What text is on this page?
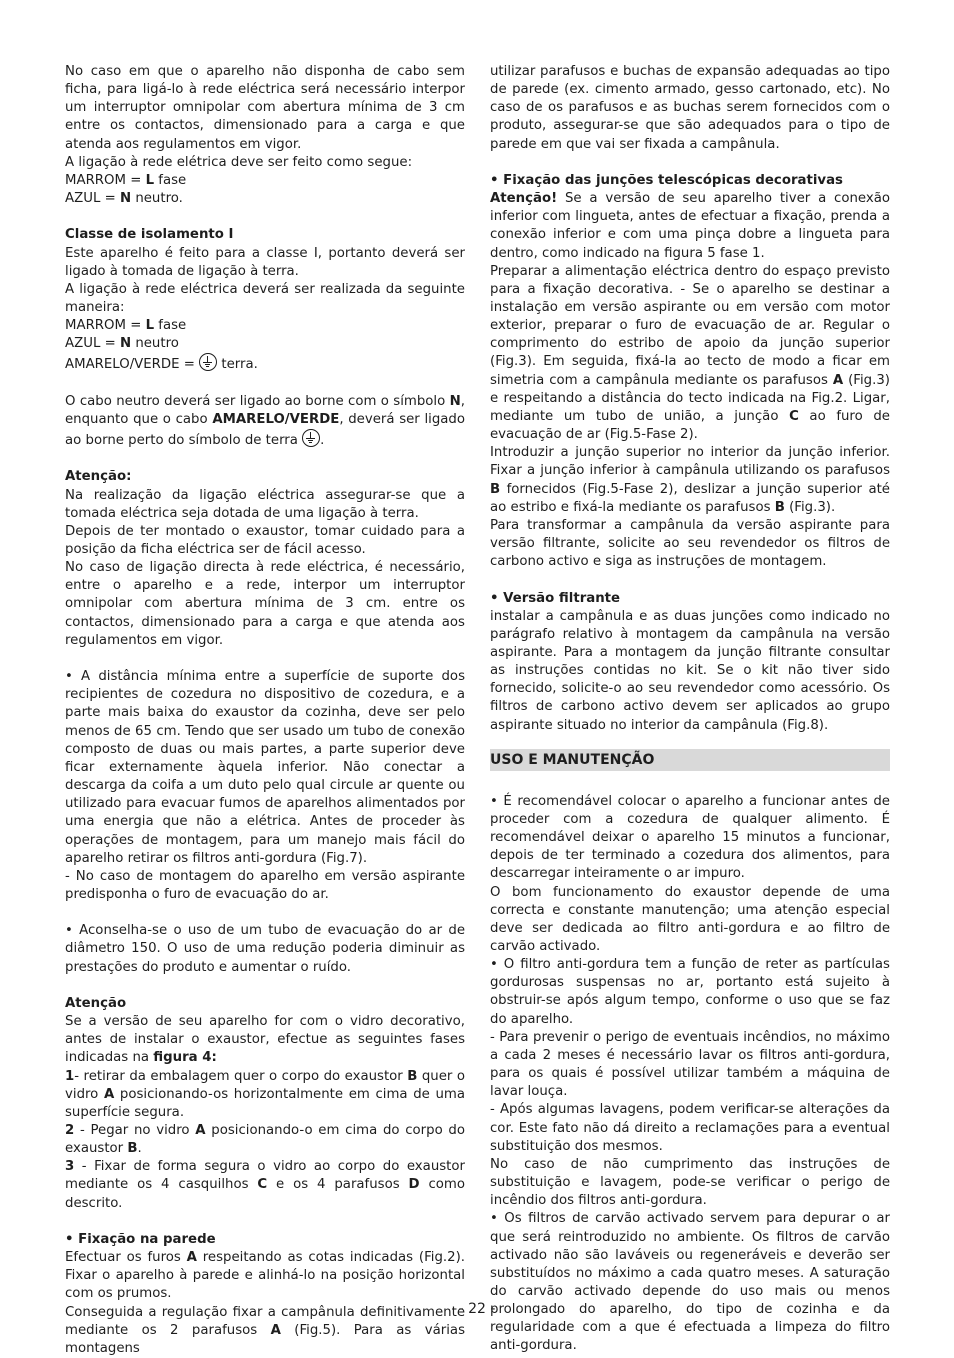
No caso em que o aparelho não disponha de cabo sem ficha, para ligá-lo à rede eléctrica será necessário interpor um interruptor omnipolar com abertura mínima de 3 cm entre os contactos, dimensionado para a carga e que atenda aos regulamentos em vigor.

A ligação à rede elétrica deve ser feito como segue:

MARROM = L fase

AZUL = N neutro.

Classe de isolamento I

Este aparelho é feito para a classe I, portanto deverá ser ligado à tomada de ligação à terra.

A ligação à rede eléctrica deverá ser realizada da seguinte maneira:

MARROM = L fase

AZUL = N neutro

AMARELO/VERDE =
terra.

O cabo neutro deverá ser ligado ao borne com o símbolo N, enquanto que o cabo AMARELO/VERDE, deverá ser ligado ao borne perto do símbolo de terra
.

Atenção:

Na realização da ligação eléctrica assegurar-se que a tomada eléctrica seja dotada de uma ligação à terra.

Depois de ter montado o exaustor, tomar cuidado para a posição da ficha eléctrica ser de fácil acesso.

No caso de ligação directa à rede eléctrica, é necessário, entre o aparelho e a rede, interpor um interruptor omnipolar com abertura mínima de 3 cm. entre os contactos, dimensionado para a carga e que atenda aos regulamentos em vigor.

• A distância mínima entre a superfície de suporte dos recipientes de cozedura no dispositivo de cozedura, e a parte mais baixa do exaustor da cozinha, deve ser pelo menos de 65 cm. Tendo que ser usado um tubo de conexão composto de duas ou mais partes, a parte superior deve ficar externamente àquela inferior. Não conectar a descarga da coifa a um duto pelo qual circule ar quente ou utilizado para evacuar fumos de aparelhos alimentados por uma energia que não a elétrica. Antes de proceder às operações de montagem, para um manejo mais fácil do aparelho retirar os filtros anti-gordura (Fig.7).

- No caso de montagem do aparelho em versão aspirante predisponha o furo de evacuação do ar.

• Aconselha-se o uso de um tubo de evacuação do ar de diâmetro 150. O uso de uma redução poderia diminuir as prestações do produto e aumentar o ruído.

Atenção

Se a versão de seu aparelho for com o vidro decorativo, antes de instalar o exaustor, efectue as seguintes fases indicadas na figura 4:

1- retirar da embalagem quer o corpo do exaustor B quer o vidro A posicionando-os horizontalmente em cima de uma superfície segura.

2 - Pegar no vidro A posicionando-o em cima do corpo do exaustor B.

3 - Fixar de forma segura o vidro ao corpo do exaustor mediante os 4 casquilhos C e os 4 parafusos D como descrito.

• Fixação na parede

Efectuar os furos A respeitando as cotas indicadas (Fig.2). Fixar o aparelho à parede e alinhá-lo na posição horizontal com os prumos.

Conseguida a regulação fixar a campânula definitivamente mediante os 2 parafusos A (Fig.5). Para as várias montagens

utilizar parafusos e buchas de expansão adequadas ao tipo de parede (ex. cimento armado, gesso cartonado, etc). No caso de os parafusos e as buchas serem fornecidos com o produto, assegurar-se que são adequados para o tipo de parede em que vai ser fixada a campânula.

• Fixação das junções telescópicas decorativas

Atenção! Se a versão de seu aparelho tiver a conexão inferior com lingueta, antes de efectuar a fixação, prenda a conexão inferior e com uma pinça dobre a lingueta para dentro, como indicado na figura 5 fase 1.

Preparar a alimentação eléctrica dentro do espaço previsto para a fixação decorativa. - Se o aparelho se destinar a instalação em versão aspirante ou em versão com motor exterior, preparar o furo de evacuação de ar. Regular o comprimento do estribo de apoio da junção superior (Fig.3). Em seguida, fixá-la ao tecto de modo a ficar em simetria com a campânula mediante os parafusos A (Fig.3) e respeitando a distância do tecto indicada na Fig.2. Ligar, mediante um tubo de união, a junção C ao furo de evacuação de ar (Fig.5-Fase 2).

Introduzir a junção superior no interior da junção inferior. Fixar a junção inferior à campânula utilizando os parafusos B fornecidos (Fig.5-Fase 2), deslizar a junção superior até ao estribo e fixá-la mediante os parafusos B (Fig.3).

Para transformar a campânula da versão aspirante para versão filtrante, solicite ao seu revendedor os filtros de carbono activo e siga as instruções de montagem.

• Versão filtrante

instalar a campânula e as duas junções como indicado no parágrafo relativo à montagem da campânula na versão aspirante. Para a montagem da junção filtrante consultar as instruções contidas no kit. Se o kit não tiver sido fornecido, solicite-o ao seu revendedor como acessório. Os filtros de carbono activo devem ser aplicados ao grupo aspirante situado no interior da campânula (Fig.8).

USO E MANUTENÇÃO

• É recomendável colocar o aparelho a funcionar antes de proceder com a cozedura de qualquer alimento. É recomendável deixar o aparelho 15 minutos a funcionar, depois de ter terminado a cozedura dos alimentos, para descarregar inteiramente o ar impuro.

O bom funcionamento do exaustor depende de uma correcta e constante manutenção; uma atenção especial deve ser dedicada ao filtro anti-gordura e ao filtro de carvão activado.

• O filtro anti-gordura tem a função de reter as partículas gordurosas suspensas no ar, portanto está sujeito à obstruir-se após algum tempo, conforme o uso que se faz do aparelho.

- Para prevenir o perigo de eventuais incêndios, no máximo a cada 2 meses é necessário lavar os filtros anti-gordura, para os quais é possível utilizar também a máquina de lavar louça.

- Após algumas lavagens, podem verificar-se alterações da cor. Este fato não dá direito a reclamações para a eventual substituição dos mesmos.

No caso de não cumprimento das instruções de substituição e lavagem, pode-se verificar o perigo de incêndio dos filtros anti-gordura.

• Os filtros de carvão activado servem para depurar o ar que será reintroduzido no ambiente. Os filtros de carvão activado não são laváveis ou regeneráveis e deverão ser substituídos no máximo a cada quatro meses. A saturação do carvão activado depende do uso mais ou menos prolongado do aparelho, do tipo de cozinha e da regularidade com a que é efectuada a limpeza do filtro anti-gordura.

- 22 -
